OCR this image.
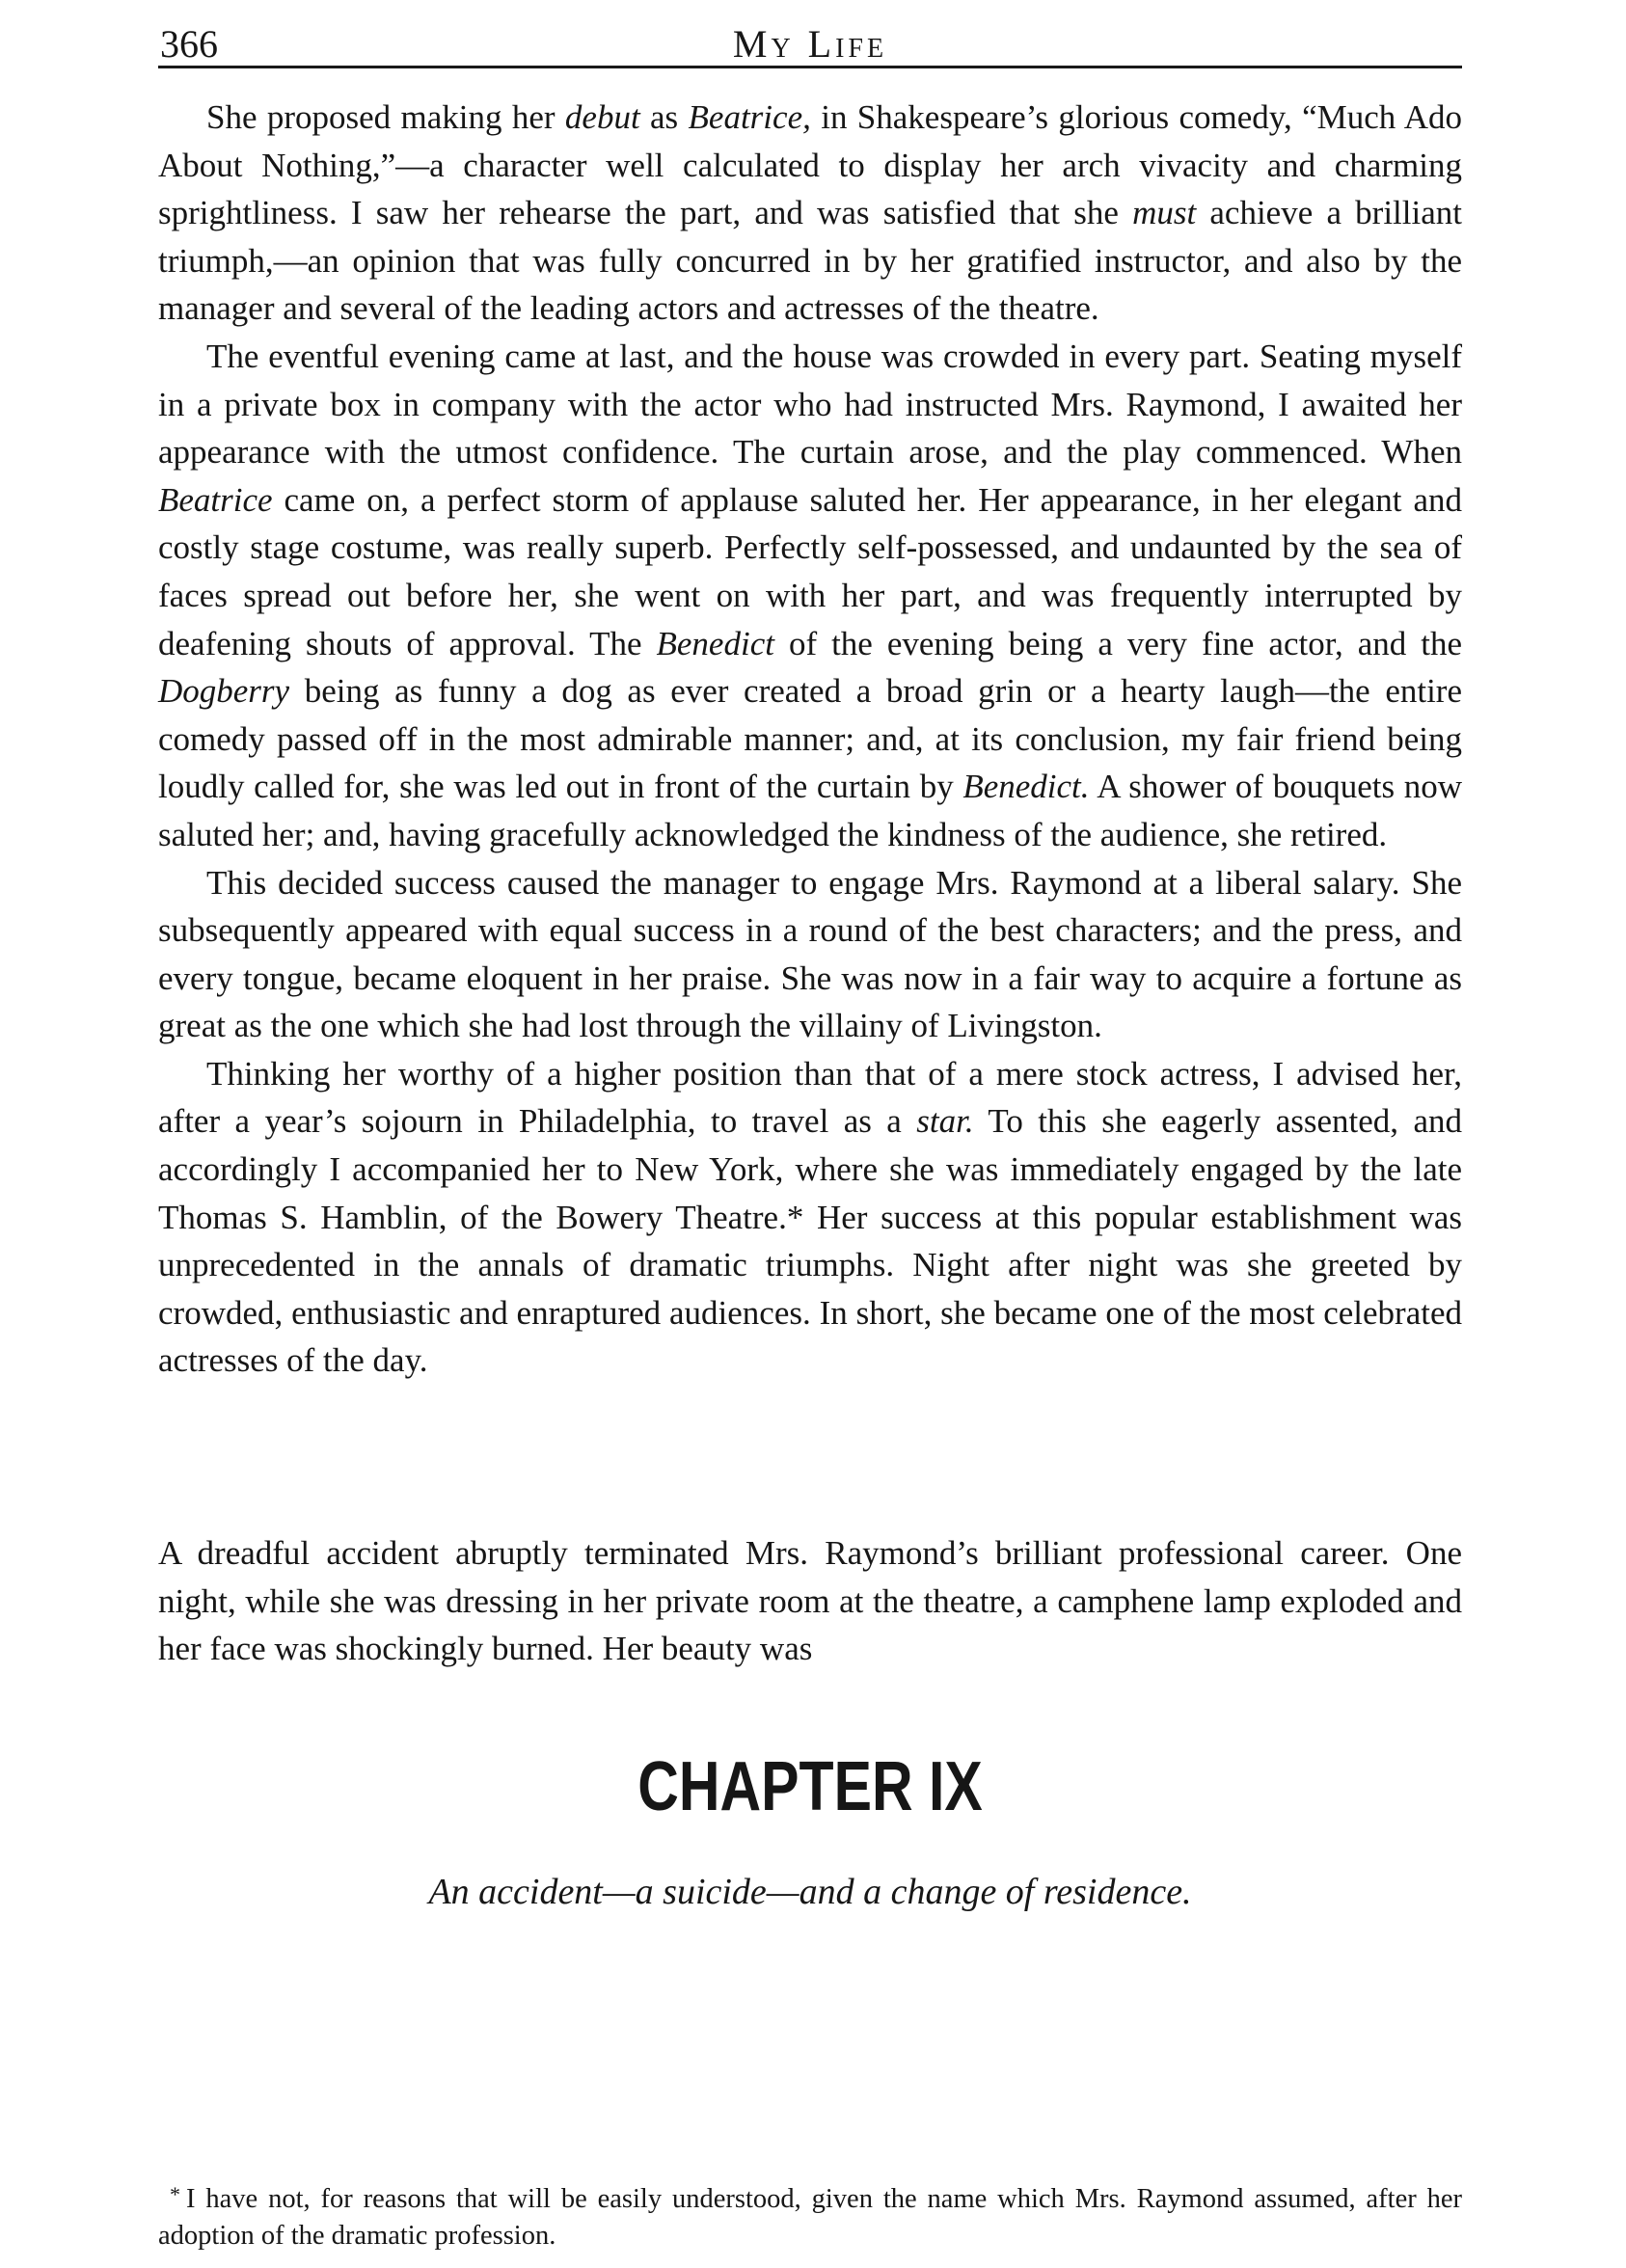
366	My Life

She proposed making her debut as Beatrice, in Shakespeare’s glorious comedy, “Much Ado About Nothing,”—a character well calculated to display her arch vivacity and charming sprightliness. I saw her rehearse the part, and was satisfied that she must achieve a brilliant triumph,—an opinion that was fully concurred in by her gratified instructor, and also by the manager and several of the leading actors and actresses of the theatre.

The eventful evening came at last, and the house was crowded in every part. Seating myself in a private box in company with the actor who had instructed Mrs. Raymond, I awaited her appearance with the utmost confidence. The curtain arose, and the play commenced. When Beatrice came on, a perfect storm of applause saluted her. Her appearance, in her elegant and costly stage costume, was really superb. Perfectly self-possessed, and undaunted by the sea of faces spread out before her, she went on with her part, and was frequently interrupted by deafening shouts of approval. The Benedict of the evening being a very fine actor, and the Dogberry being as funny a dog as ever created a broad grin or a hearty laugh—the entire comedy passed off in the most admirable manner; and, at its conclusion, my fair friend being loudly called for, she was led out in front of the curtain by Benedict. A shower of bouquets now saluted her; and, having gracefully acknowledged the kindness of the audience, she retired.

This decided success caused the manager to engage Mrs. Raymond at a liberal salary. She subsequently appeared with equal success in a round of the best characters; and the press, and every tongue, became eloquent in her praise. She was now in a fair way to acquire a fortune as great as the one which she had lost through the villainy of Livingston.

Thinking her worthy of a higher position than that of a mere stock actress, I advised her, after a year’s sojourn in Philadelphia, to travel as a star. To this she eagerly assented, and accordingly I accompanied her to New York, where she was immediately engaged by the late Thomas S. Hamblin, of the Bowery Theatre.* Her success at this popular establishment was unprecedented in the annals of dramatic triumphs. Night after night was she greeted by crowded, enthusiastic and enraptured audiences. In short, she became one of the most celebrated actresses of the day.

CHAPTER IX
An accident—a suicide—and a change of residence.

A dreadful accident abruptly terminated Mrs. Raymond’s brilliant professional career. One night, while she was dressing in her private room at the theatre, a camphene lamp exploded and her face was shockingly burned. Her beauty was

* I have not, for reasons that will be easily understood, given the name which Mrs. Raymond assumed, after her adoption of the dramatic profession.
